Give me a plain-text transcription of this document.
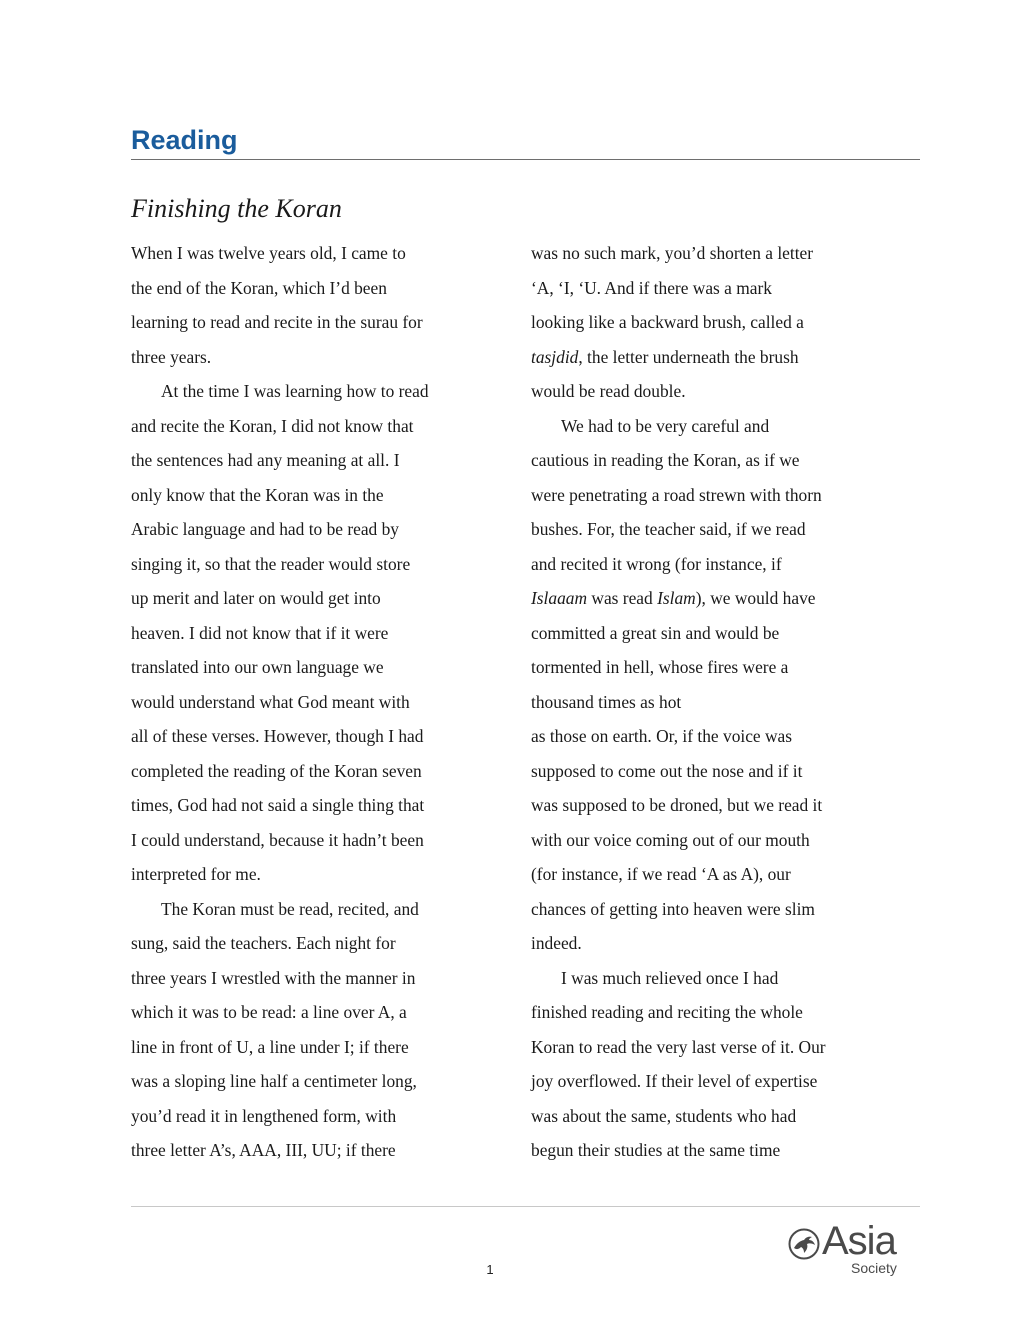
Reading
Finishing the Koran
When I was twelve years old, I came to
the end of the Koran, which I’d been
learning to read and recite in the surau for
three years.
At the time I was learning how to read
and recite the Koran, I did not know that
the sentences had any meaning at all. I
only know that the Koran was in the
Arabic language and had to be read by
singing it, so that the reader would store
up merit and later on would get into
heaven. I did not know that if it were
translated into our own language we
would understand what God meant with
all of these verses. However, though I had
completed the reading of the Koran seven
times, God had not said a single thing that
I could understand, because it hadn’t been
interpreted for me.
The Koran must be read, recited, and
sung, said the teachers. Each night for
three years I wrestled with the manner in
which it was to be read: a line over A, a
line in front of U, a line under I; if there
was a sloping line half a centimeter long,
you’d read it in lengthened form, with
three letter A’s, AAA, III, UU; if there
was no such mark, you’d shorten a letter
‘A, ‘I, ‘U. And if there was a mark
looking like a backward brush, called a
tasjdid, the letter underneath the brush
would be read double.
We had to be very careful and
cautious in reading the Koran, as if we
were penetrating a road strewn with thorn
bushes. For, the teacher said, if we read
and recited it wrong (for instance, if
Islaaam was read Islam), we would have
committed a great sin and would be
tormented in hell, whose fires were a
thousand times as hot
as those on earth. Or, if the voice was
supposed to come out the nose and if it
was supposed to be droned, but we read it
with our voice coming out of our mouth
(for instance, if we read ‘A as A), our
chances of getting into heaven were slim
indeed.
I was much relieved once I had
finished reading and reciting the whole
Koran to read the very last verse of it. Our
joy overflowed. If their level of expertise
was about the same, students who had
begun their studies at the same time
1
Asia
Society
